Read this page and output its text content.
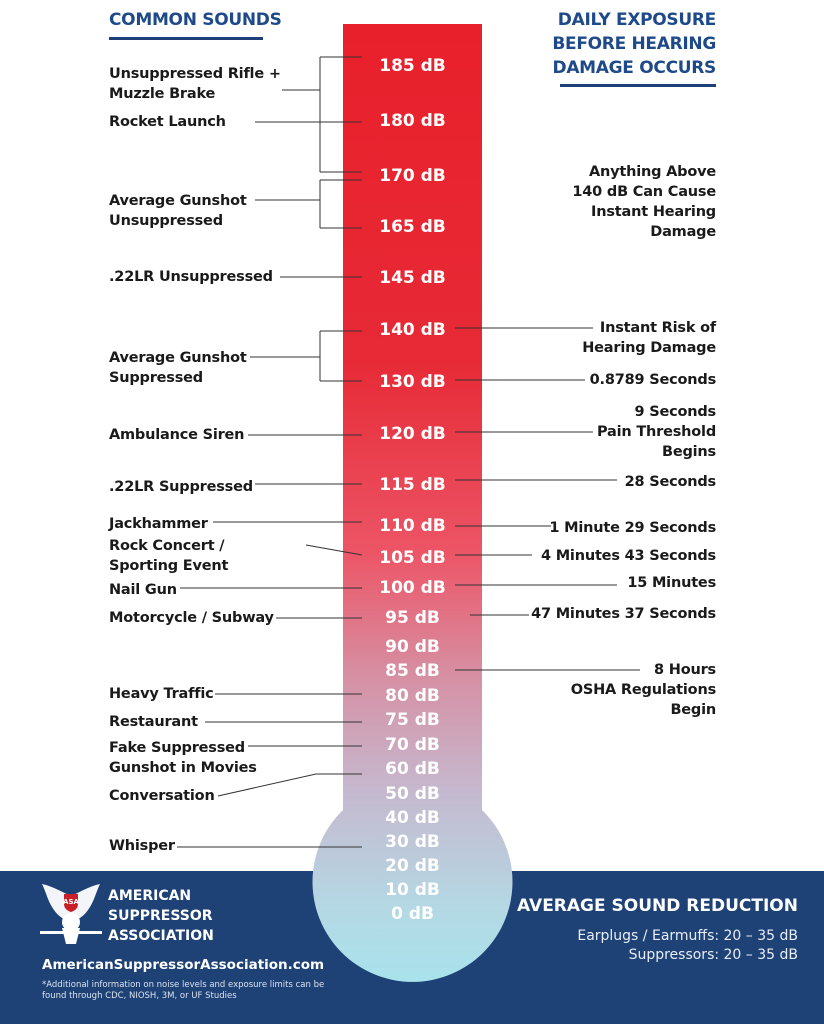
COMMON SOUNDS	DAILY EXPOSURE
BEFORE HEARING
DAMAGE OCCURS
185 dB
180 dB
170 dB
165 dB
145 dB
140 dB
130 dB
120 dB
115 dB
110 dB
105 dB
100 dB
95 dB
90 dB
85 dB
80 dB
75 dB
70 dB
60 dB
50 dB
40 dB
30 dB
20 dB
10 dB
0 dB
Unsuppressed Rifle +
Muzzle Brake
Rocket Launch
Average Gunshot
Unsuppressed
.22LR Unsuppressed
Average Gunshot
Suppressed
Ambulance Siren
.22LR Suppressed
Jackhammer
Rock Concert /
Sporting Event
Nail Gun
Motorcycle / Subway
Heavy Traffic
Restaurant
Fake Suppressed
Gunshot in Movies
Conversation
Whisper
Anything Above
140 dB Can Cause
Instant Hearing
Damage
Instant Risk of
Hearing Damage
0.8789 Seconds
9 Seconds
Pain Threshold
Begins
28 Seconds
1 Minute 29 Seconds
4 Minutes 43 Seconds
15 Minutes
47 Minutes 37 Seconds
8 Hours
OSHA Regulations
Begin
ASA AMERICAN
SUPPRESSOR
ASSOCIATION
AmericanSuppressorAssociation.com
*Additional information on noise levels and exposure limits can be
found through CDC, NIOSH, 3M, or UF Studies
AVERAGE SOUND REDUCTION
Earplugs / Earmuffs: 20 – 35 dB
Suppressors: 20 – 35 dB
